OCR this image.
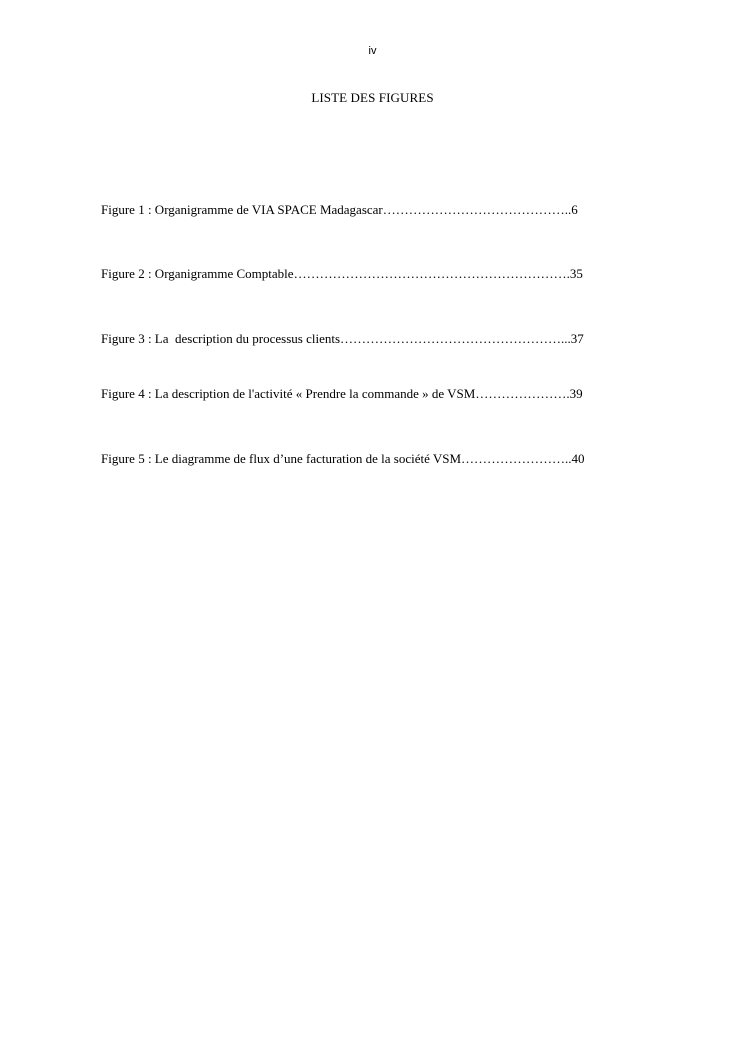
iv
LISTE DES FIGURES

Figure 1 : Organigramme de VIA SPACE Madagascar……………………………………..6

Figure 2 : Organigramme Comptable……………………………………………………….35

Figure 3 : La  description du processus clients……………………………………………...37

Figure 4 : La description de l'activité « Prendre la commande » de VSM………………….39

Figure 5 : Le diagramme de flux d’une facturation de la société VSM……………………..40
